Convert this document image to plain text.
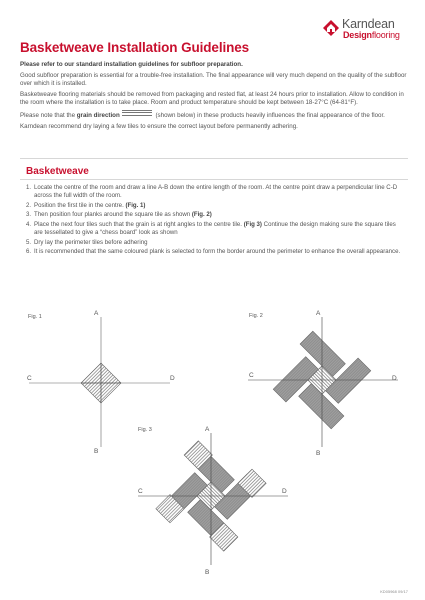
Karndean
Designflooring
Basketweave Installation Guidelines

Please refer to our standard installation guidelines for subfloor preparation.

Good subfloor preparation is essential for a trouble-free installation. The final appearance will very much depend on the quality of the subfloor over which it is installed.

Basketweave flooring materials should be removed from packaging and rested flat, at least 24 hours prior to installation. Allow to condition in the room where the installation is to take place. Room and product temperature should be kept between 18-27°C (64-81°F).

Please note that the grain direction	(shown below) in these products heavily influences the final appearance of the floor.

Karndean recommend dry laying a few tiles to ensure the correct layout before permanently adhering.

Basketweave
1. Locate the centre of the room and draw a line A-B down the entire length of the room. At the centre point draw a perpendicular line C-D across the full width of the room.
2. Position the first tile in the centre. (Fig. 1)
3. Then position four planks around the square tile as shown (Fig. 2)
4. Place the next four tiles such that the grain is at right angles to the centre tile. (Fig 3) Continue the design making sure the square tiles are tessellated to give a “chess board” look as shown
5. Dry lay the perimeter tiles before adhering
6. It is recommended that the same coloured plank is selected to form the border around the perimeter to enhance the overall appearance.
Fig. 1	A
B
C	D
Fig. 2	A
B
C	D
Fig. 3	A
B
C	D
KD05968 09/17
